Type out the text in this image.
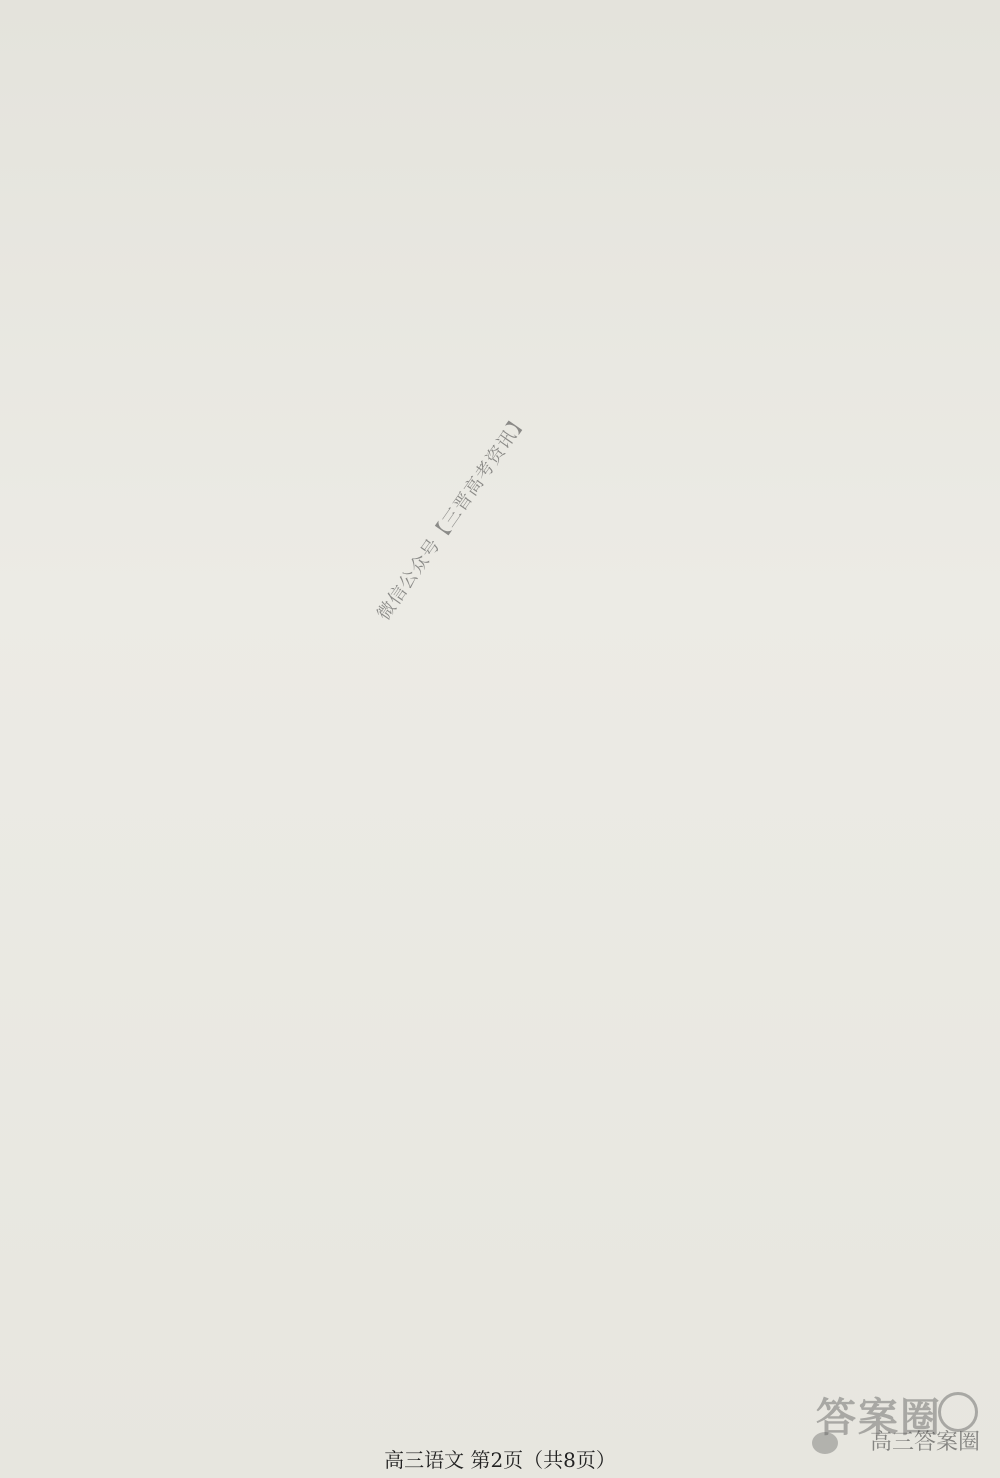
微信公众号【三晋高考资讯】
高三语文 第2页（共8页）
答案圈
高三答案圈
